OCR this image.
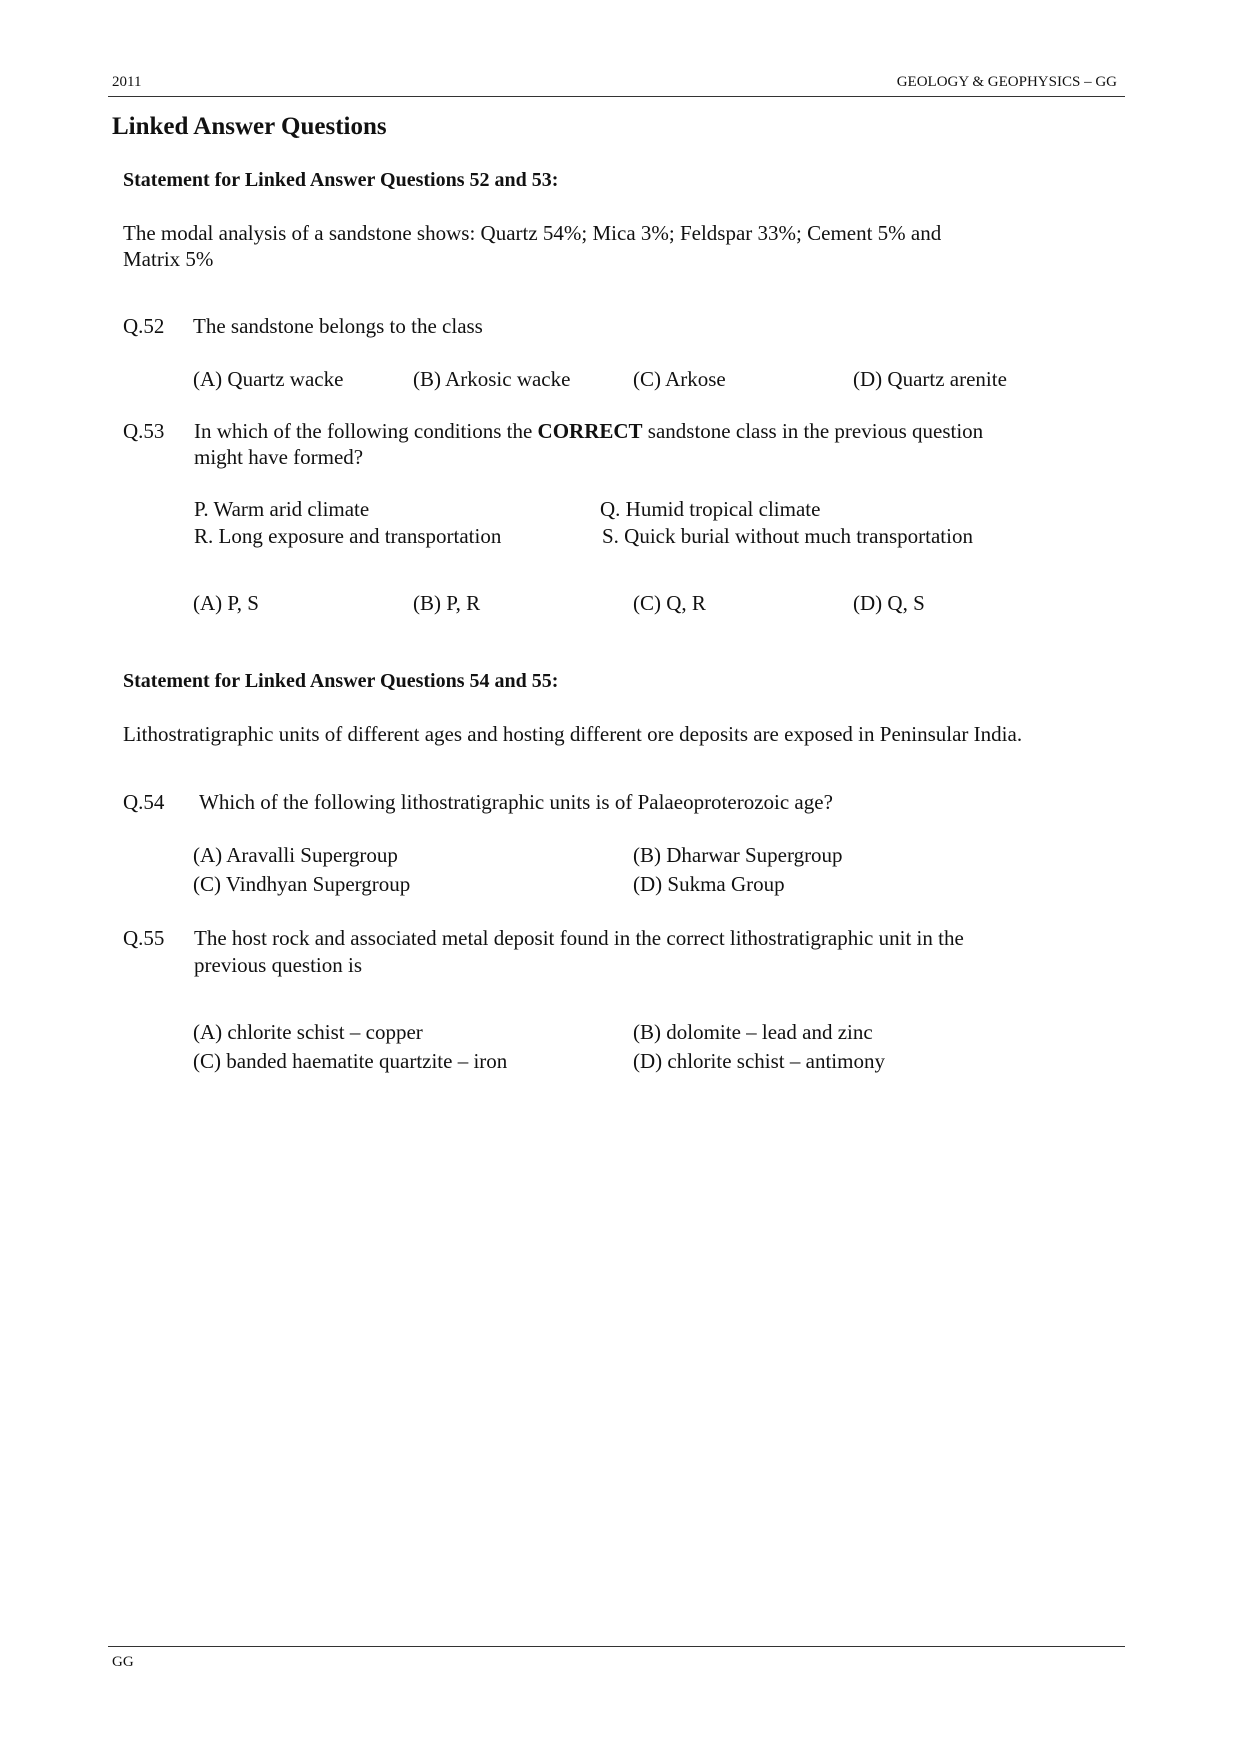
2011	GEOLOGY & GEOPHYSICS – GG
Linked Answer Questions
Statement for Linked Answer Questions 52 and 53:
The modal analysis of a sandstone shows: Quartz 54%; Mica 3%; Feldspar 33%; Cement 5% and
Matrix 5%
Q.52 The sandstone belongs to the class
(A) Quartz wacke	(B) Arkosic wacke	(C) Arkose	(D) Quartz arenite
Q.53 In which of the following conditions the CORRECT sandstone class in the previous question
might have formed?
P. Warm arid climate	Q. Humid tropical climate
R. Long exposure and transportation	S. Quick burial without much transportation
(A) P, S	(B) P, R	(C) Q, R	(D) Q, S
Statement for Linked Answer Questions 54 and 55:
Lithostratigraphic units of different ages and hosting different ore deposits are exposed in Peninsular India.
Q.54 Which of the following lithostratigraphic units is of Palaeoproterozoic age?
(A) Aravalli Supergroup	(B) Dharwar Supergroup
(C) Vindhyan Supergroup	(D) Sukma Group
Q.55 The host rock and associated metal deposit found in the correct lithostratigraphic unit in the
previous question is
(A) chlorite schist – copper	(B) dolomite – lead and zinc
(C) banded haematite quartzite – iron	(D) chlorite schist – antimony
GG
